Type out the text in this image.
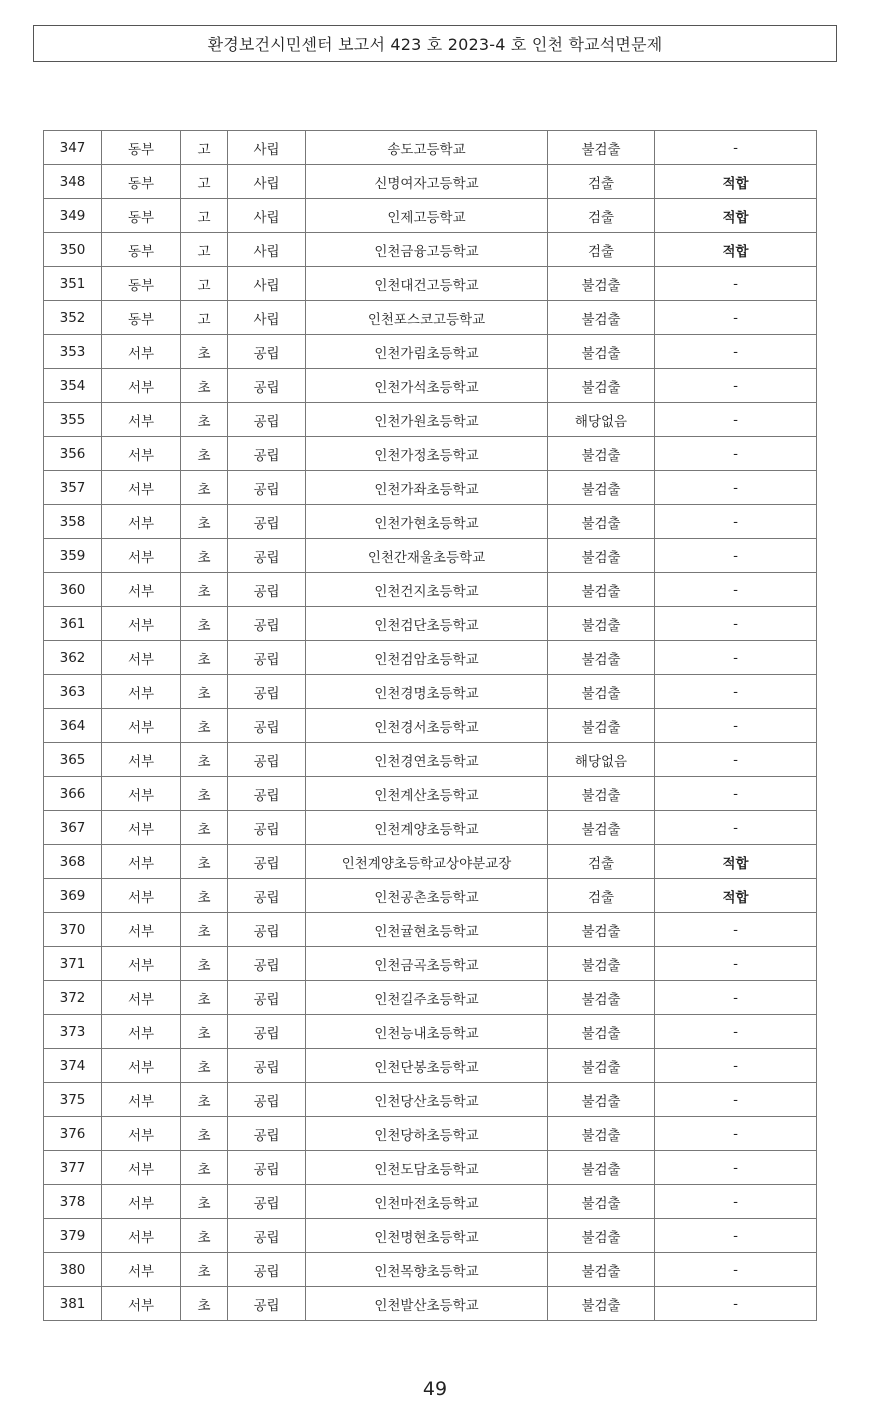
환경보건시민센터 보고서 423 호 2023-4 호 인천 학교석면문제
347	동부	고	사립	송도고등학교	불검출	-
348	동부	고	사립	신명여자고등학교	검출	적합
349	동부	고	사립	인제고등학교	검출	적합
350	동부	고	사립	인천금융고등학교	검출	적합
351	동부	고	사립	인천대건고등학교	불검출	-
352	동부	고	사립	인천포스코고등학교	불검출	-
353	서부	초	공립	인천가림초등학교	불검출	-
354	서부	초	공립	인천가석초등학교	불검출	-
355	서부	초	공립	인천가원초등학교	해당없음	-
356	서부	초	공립	인천가정초등학교	불검출	-
357	서부	초	공립	인천가좌초등학교	불검출	-
358	서부	초	공립	인천가현초등학교	불검출	-
359	서부	초	공립	인천간재울초등학교	불검출	-
360	서부	초	공립	인천건지초등학교	불검출	-
361	서부	초	공립	인천검단초등학교	불검출	-
362	서부	초	공립	인천검암초등학교	불검출	-
363	서부	초	공립	인천경명초등학교	불검출	-
364	서부	초	공립	인천경서초등학교	불검출	-
365	서부	초	공립	인천경연초등학교	해당없음	-
366	서부	초	공립	인천계산초등학교	불검출	-
367	서부	초	공립	인천계양초등학교	불검출	-
368	서부	초	공립	인천계양초등학교상야분교장	검출	적합
369	서부	초	공립	인천공촌초등학교	검출	적합
370	서부	초	공립	인천귤현초등학교	불검출	-
371	서부	초	공립	인천금곡초등학교	불검출	-
372	서부	초	공립	인천길주초등학교	불검출	-
373	서부	초	공립	인천능내초등학교	불검출	-
374	서부	초	공립	인천단봉초등학교	불검출	-
375	서부	초	공립	인천당산초등학교	불검출	-
376	서부	초	공립	인천당하초등학교	불검출	-
377	서부	초	공립	인천도담초등학교	불검출	-
378	서부	초	공립	인천마전초등학교	불검출	-
379	서부	초	공립	인천명현초등학교	불검출	-
380	서부	초	공립	인천목향초등학교	불검출	-
381	서부	초	공립	인천발산초등학교	불검출	-
49
